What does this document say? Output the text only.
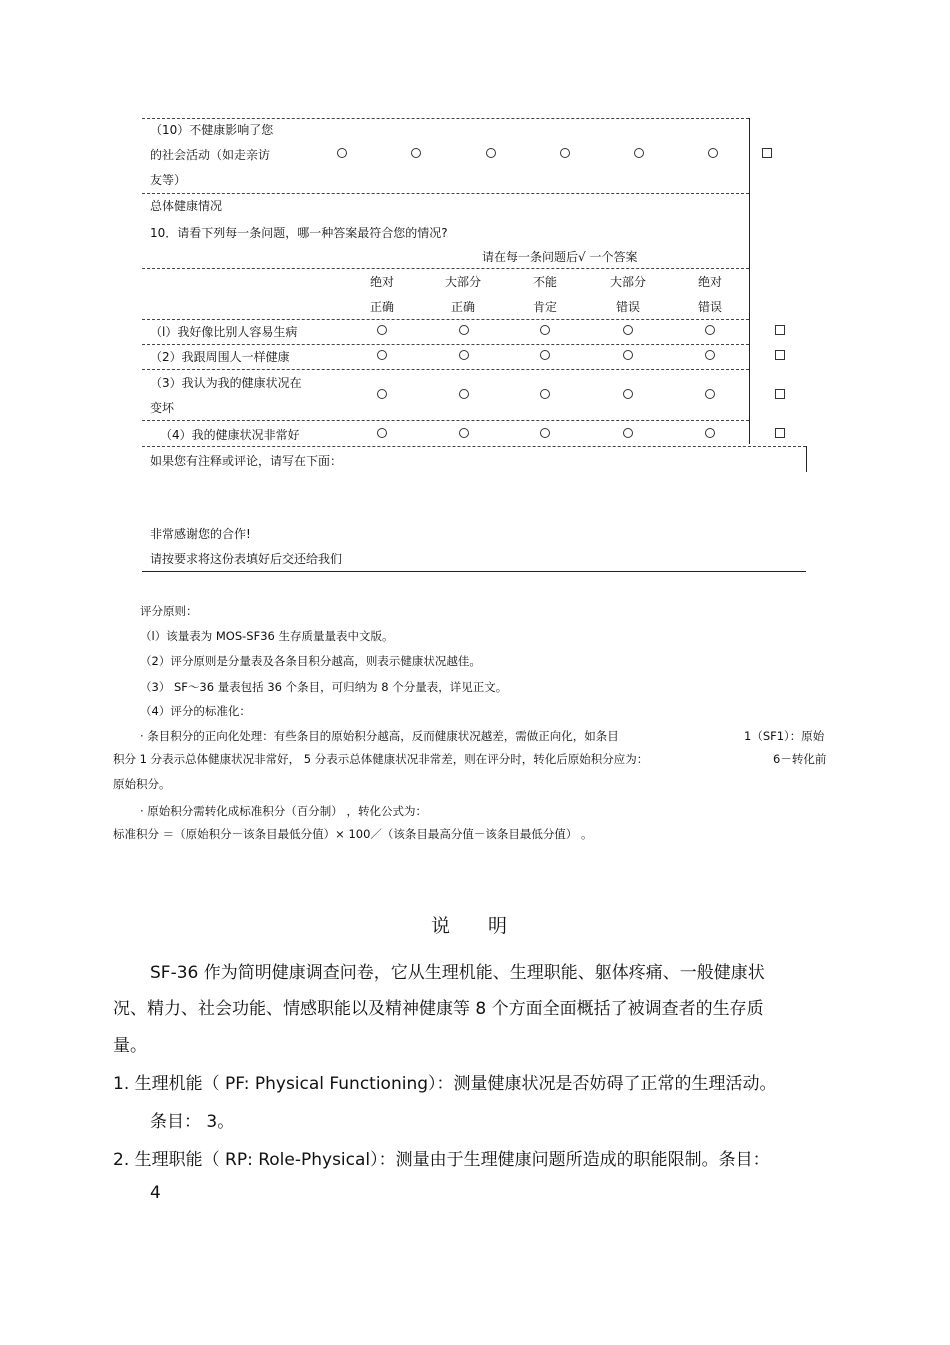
（10）不健康影响了您
的社会活动（如走亲访
友等）
总体健康情况
10．请看下列每一条问题，哪一种答案最符合您的情况?
请在每一条问题后√ 一个答案
绝对
正确
大部分
正确
不能
肯定
大部分
错误
绝对
错误
（l）我好像比别人容易生病
（2）我跟周围人一样健康
（3）我认为我的健康状况在
变坏
（4）我的健康状况非常好
如果您有注释或评论，请写在下面：
非常感谢您的合作!
请按要求将这份表填好后交还给我们
评分原则：
（l）该量表为 MOS-SF36 生存质量量表中文版。
（2）评分原则是分量表及各条目积分越高，则表示健康状况越佳。
（3） SF～36 量表包括 36 个条目，可归纳为 8 个分量表，详见正文。
（4）评分的标准化：
· 条目积分的正向化处理：有些条目的原始积分越高，反而健康状况越差，需做正向化，如条目	1（SF1）：原始
积分 1 分表示总体健康状况非常好， 5 分表示总体健康状况非常差，则在评分时，转化后原始积分应为：	6－转化前
原始积分。
· 原始积分需转化成标准积分（百分制） ，转化公式为：
标准积分 ＝（原始积分－该条目最低分值）× 100／（该条目最高分值－该条目最低分值） 。
说　　明
SF-36 作为简明健康调查问卷，它从生理机能、生理职能、躯体疼痛、一般健康状
况、精力、社会功能、情感职能以及精神健康等 8 个方面全面概括了被调查者的生存质
量。
1. 生理机能（ PF: Physical Functioning）：测量健康状况是否妨碍了正常的生理活动。
条目： 3。
2. 生理职能（ RP: Role-Physical）：测量由于生理健康问题所造成的职能限制。条目：
4
